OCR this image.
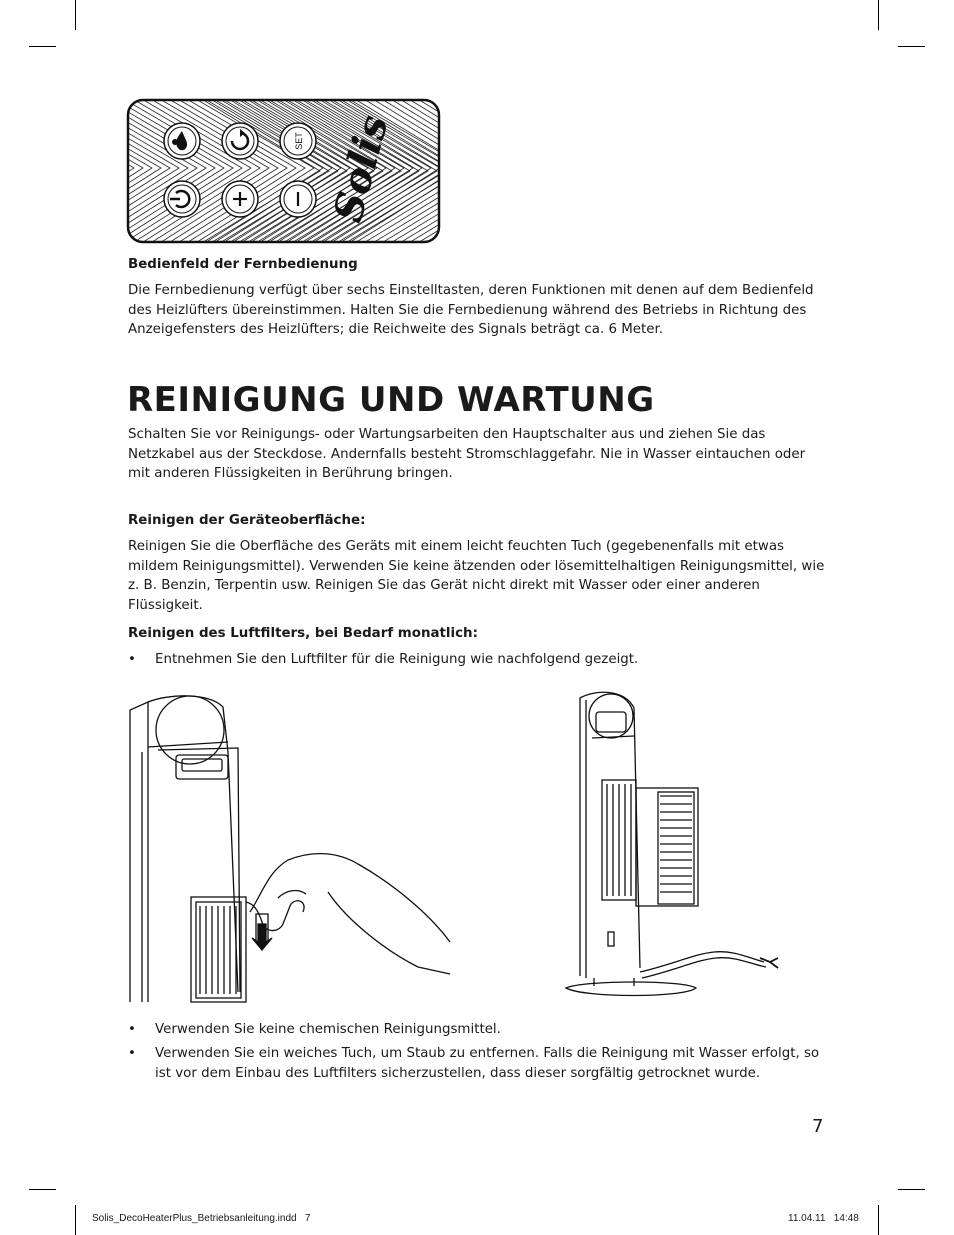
SET Solis
Bedienfeld der Fernbedienung
Die Fernbedienung verfügt über sechs Einstelltasten, deren Funktionen mit denen auf dem Bedienfeld des Heizlüfters übereinstimmen. Halten Sie die Fernbedienung während des Betriebs in Richtung des Anzeigefensters des Heizlüfters; die Reichweite des Signals beträgt ca. 6 Meter.
REINIGUNG UND WARTUNG
Schalten Sie vor Reinigungs- oder Wartungsarbeiten den Hauptschalter aus und ziehen Sie das Netzkabel aus der Steckdose. Andernfalls besteht Stromschlaggefahr. Nie in Wasser eintauchen oder mit anderen Flüssigkeiten in Berührung bringen.
Reinigen der Geräteoberfläche:
Reinigen Sie die Oberfläche des Geräts mit einem leicht feuchten Tuch (gegebenenfalls mit etwas mildem Reinigungsmittel). Verwenden Sie keine ätzenden oder lösemittelhaltigen Reinigungsmittel, wie z. B. Benzin, Terpentin usw. Reinigen Sie das Gerät nicht direkt mit Wasser oder einer anderen Flüssigkeit.
Reinigen des Luftfilters, bei Bedarf monatlich:
• Entnehmen Sie den Luftfilter für die Reinigung wie nachfolgend gezeigt.
• Verwenden Sie keine chemischen Reinigungsmittel.
• Verwenden Sie ein weiches Tuch, um Staub zu entfernen. Falls die Reinigung mit Wasser erfolgt, so ist vor dem Einbau des Luftfilters sicherzustellen, dass dieser sorgfältig getrocknet wurde.
7
Solis_DecoHeaterPlus_Betriebsanleitung.indd   7	11.04.11   14:48
